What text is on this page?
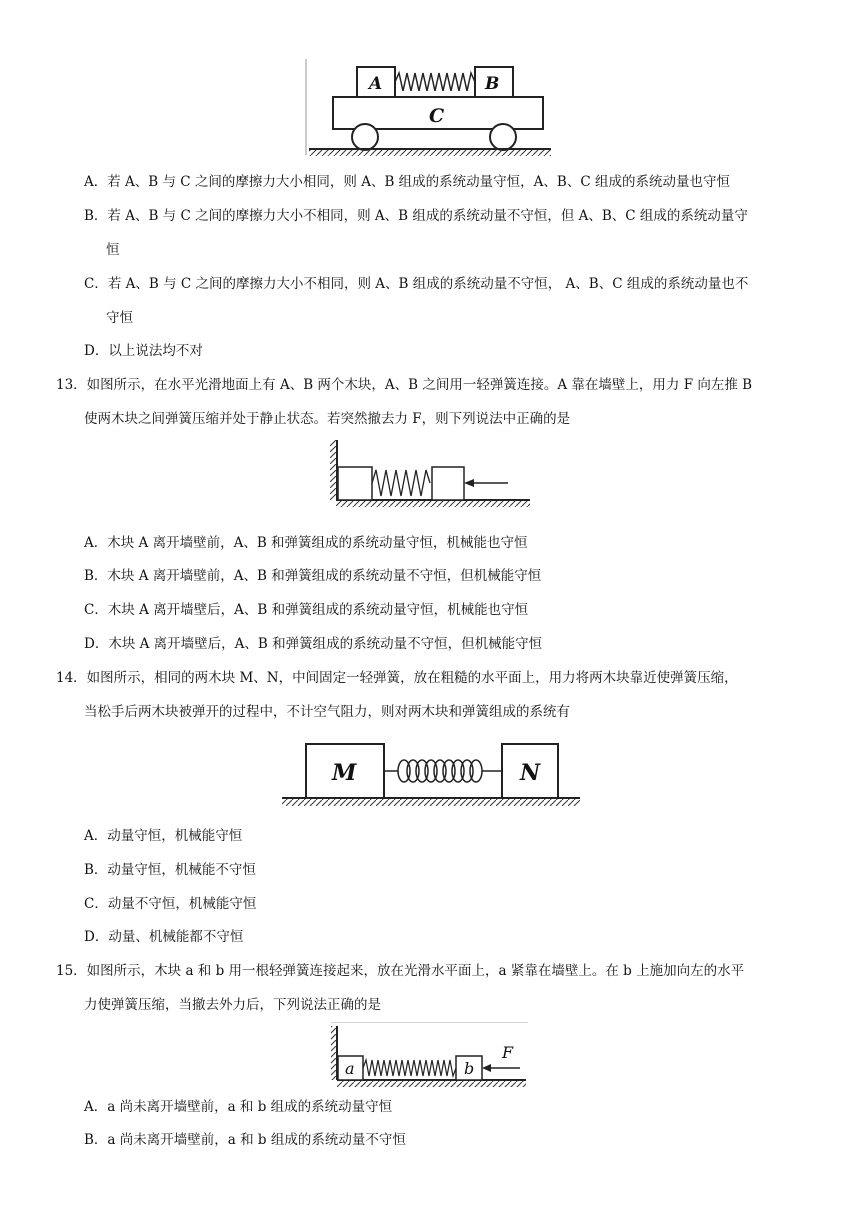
A	B
C
A．若 A、B 与 C 之间的摩擦力大小相同，则 A、B 组成的系统动量守恒，A、B、C 组成的系统动量也守恒
B．若 A、B 与 C 之间的摩擦力大小不相同，则 A、B 组成的系统动量不守恒，但 A、B、C 组成的系统动量守
恒
C．若 A、B 与 C 之间的摩擦力大小不相同，则 A、B 组成的系统动量不守恒， A、B、C 组成的系统动量也不
守恒
D．以上说法均不对
13．如图所示，在水平光滑地面上有 A、B 两个木块，A、B 之间用一轻弹簧连接。A 靠在墙壁上，用力 F 向左推 B
使两木块之间弹簧压缩并处于静止状态。若突然撤去力 F，则下列说法中正确的是
A．木块 A 离开墙壁前，A、B 和弹簧组成的系统动量守恒，机械能也守恒
B．木块 A 离开墙壁前，A、B 和弹簧组成的系统动量不守恒，但机械能守恒
C．木块 A 离开墙壁后，A、B 和弹簧组成的系统动量守恒，机械能也守恒
D．木块 A 离开墙壁后，A、B 和弹簧组成的系统动量不守恒，但机械能守恒
14．如图所示，相同的两木块 M、N，中间固定一轻弹簧，放在粗糙的水平面上，用力将两木块靠近使弹簧压缩，
当松手后两木块被弹开的过程中，不计空气阻力，则对两木块和弹簧组成的系统有
M	N
A．动量守恒，机械能守恒
B．动量守恒，机械能不守恒
C．动量不守恒，机械能守恒
D．动量、机械能都不守恒
15．如图所示，木块 a 和 b 用一根轻弹簧连接起来，放在光滑水平面上，a 紧靠在墙壁上。在 b 上施加向左的水平
力使弹簧压缩，当撤去外力后，下列说法正确的是
a	b
F
A．a 尚未离开墙壁前，a 和 b 组成的系统动量守恒
B．a 尚未离开墙壁前，a 和 b 组成的系统动量不守恒
